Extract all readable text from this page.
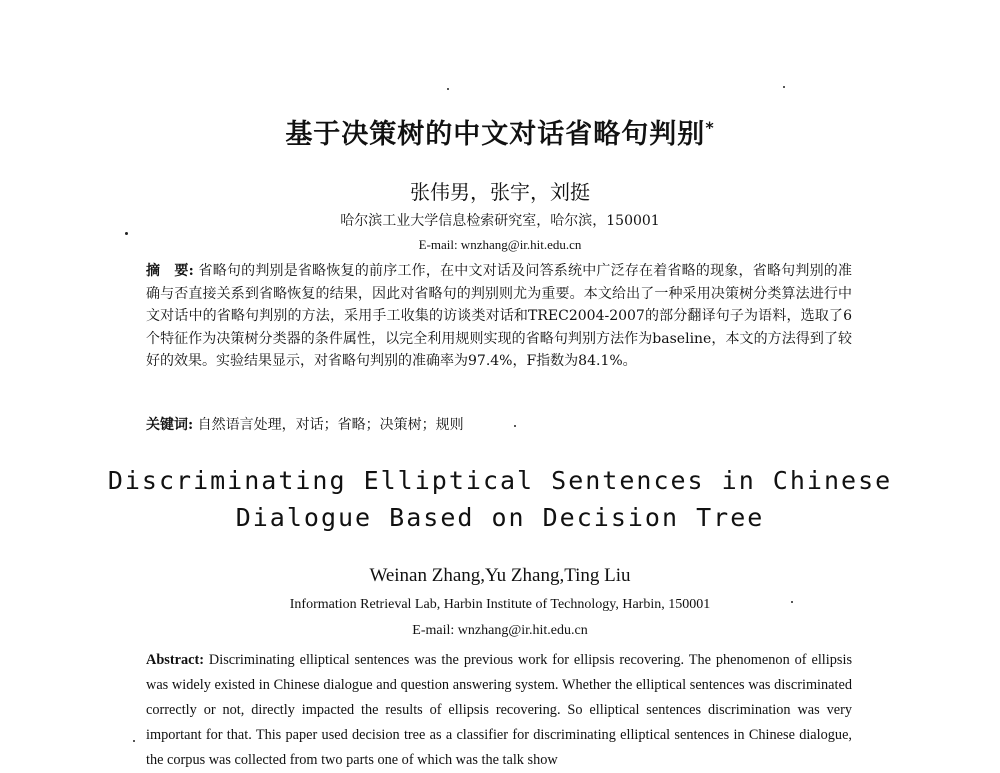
基于决策树的中文对话省略句判别*
张伟男，张宇，刘挺
哈尔滨工业大学信息检索研究室，哈尔滨，150001
E-mail: wnzhang@ir.hit.edu.cn
摘　要: 省略句的判别是省略恢复的前序工作，在中文对话及问答系统中广泛存在着省略的现象，省略句判别的准确与否直接关系到省略恢复的结果，因此对省略句的判别则尤为重要。本文给出了一种采用决策树分类算法进行中文对话中的省略句判别的方法，采用手工收集的访谈类对话和TREC2004-2007的部分翻译句子为语料，选取了6个特征作为决策树分类器的条件属性，以完全利用规则实现的省略句判别方法作为baseline，本文的方法得到了较好的效果。实验结果显示，对省略句判别的准确率为97.4%，F指数为84.1%。
关键词: 自然语言处理，对话；省略；决策树；规则
Discriminating Elliptical Sentences in Chinese
Dialogue Based on Decision Tree
Weinan Zhang,Yu Zhang,Ting Liu
Information Retrieval Lab, Harbin Institute of Technology, Harbin, 150001
E-mail: wnzhang@ir.hit.edu.cn
Abstract: Discriminating elliptical sentences was the previous work for ellipsis recovering. The phenomenon of ellipsis was widely existed in Chinese dialogue and question answering system. Whether the elliptical sentences was discriminated correctly or not, directly impacted the results of ellipsis recovering. So elliptical sentences discrimination was very important for that. This paper used decision tree as a classifier for discriminating elliptical sentences in Chinese dialogue, the corpus was collected from two parts one of which was the talk show
